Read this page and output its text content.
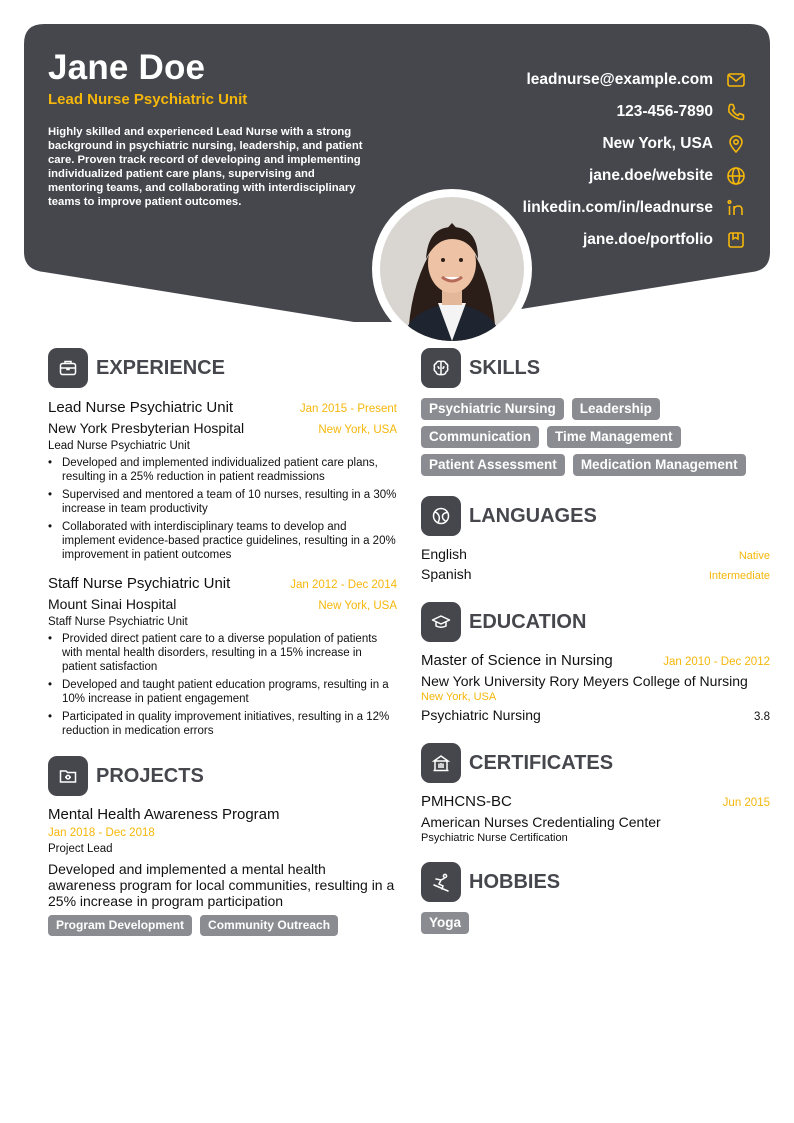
Jane Doe
Lead Nurse Psychiatric Unit
Highly skilled and experienced Lead Nurse with a strong background in psychiatric nursing, leadership, and patient care. Proven track record of developing and implementing individualized patient care plans, supervising and mentoring teams, and collaborating with interdisciplinary teams to improve patient outcomes.
leadnurse@example.com
123-456-7890
New York, USA
jane.doe/website
linkedin.com/in/leadnurse
jane.doe/portfolio
EXPERIENCE
Lead Nurse Psychiatric Unit	Jan 2015 - Present
New York Presbyterian Hospital	New York, USA
Lead Nurse Psychiatric Unit
• Developed and implemented individualized patient care plans, resulting in a 25% reduction in patient readmissions
• Supervised and mentored a team of 10 nurses, resulting in a 30% increase in team productivity
• Collaborated with interdisciplinary teams to develop and implement evidence-based practice guidelines, resulting in a 20% improvement in patient outcomes
Staff Nurse Psychiatric Unit	Jan 2012 - Dec 2014
Mount Sinai Hospital	New York, USA
Staff Nurse Psychiatric Unit
• Provided direct patient care to a diverse population of patients with mental health disorders, resulting in a 15% increase in patient satisfaction
• Developed and taught patient education programs, resulting in a 10% increase in patient engagement
• Participated in quality improvement initiatives, resulting in a 12% reduction in medication errors
PROJECTS
Mental Health Awareness Program
Jan 2018 - Dec 2018
Project Lead
Developed and implemented a mental health awareness program for local communities, resulting in a 25% increase in program participation
Program Development	Community Outreach
SKILLS
Psychiatric Nursing	Leadership
Communication	Time Management
Patient Assessment	Medication Management
LANGUAGES
English	Native
Spanish	Intermediate
EDUCATION
Master of Science in Nursing	Jan 2010 - Dec 2012
New York University Rory Meyers College of Nursing
New York, USA
Psychiatric Nursing	3.8
CERTIFICATES
PMHCNS-BC	Jun 2015
American Nurses Credentialing Center
Psychiatric Nurse Certification
HOBBIES
Yoga
